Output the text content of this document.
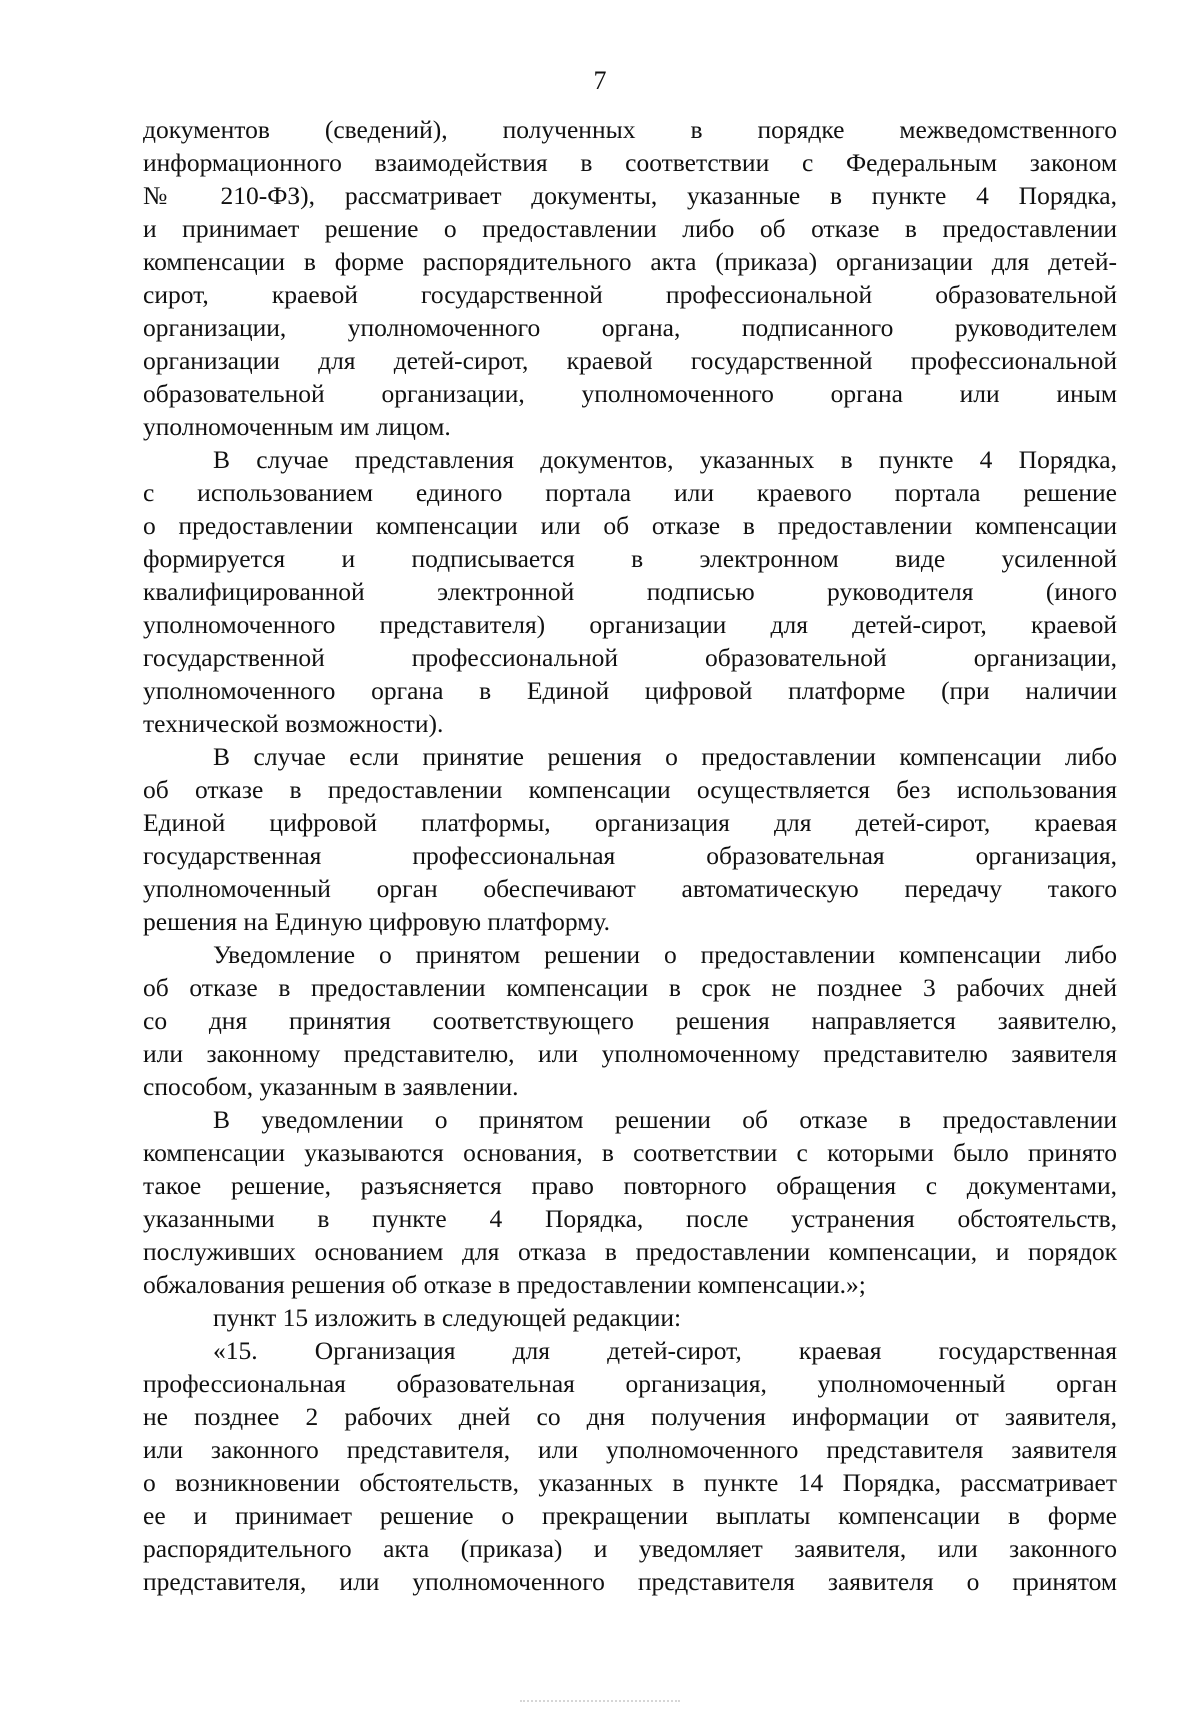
7
документов (сведений), полученных в порядке межведомственного
информационного взаимодействия в соответствии с Федеральным законом
№ 210-ФЗ), рассматривает документы, указанные в пункте 4 Порядка,
и принимает решение о предоставлении либо об отказе в предоставлении
компенсации в форме распорядительного акта (приказа) организации для детей-
сирот, краевой государственной профессиональной образовательной
организации, уполномоченного органа, подписанного руководителем
организации для детей-сирот, краевой государственной профессиональной
образовательной организации, уполномоченного органа или иным
уполномоченным им лицом.
В случае представления документов, указанных в пункте 4 Порядка,
с использованием единого портала или краевого портала решение
о предоставлении компенсации или об отказе в предоставлении компенсации
формируется и подписывается в электронном виде усиленной
квалифицированной электронной подписью руководителя (иного
уполномоченного представителя) организации для детей-сирот, краевой
государственной профессиональной образовательной организации,
уполномоченного органа в Единой цифровой платформе (при наличии
технической возможности).
В случае если принятие решения о предоставлении компенсации либо
об отказе в предоставлении компенсации осуществляется без использования
Единой цифровой платформы, организация для детей-сирот, краевая
государственная профессиональная образовательная организация,
уполномоченный орган обеспечивают автоматическую передачу такого
решения на Единую цифровую платформу.
Уведомление о принятом решении о предоставлении компенсации либо
об отказе в предоставлении компенсации в срок не позднее 3 рабочих дней
со дня принятия соответствующего решения направляется заявителю,
или законному представителю, или уполномоченному представителю заявителя
способом, указанным в заявлении.
В уведомлении о принятом решении об отказе в предоставлении
компенсации указываются основания, в соответствии с которыми было принято
такое решение, разъясняется право повторного обращения с документами,
указанными в пункте 4 Порядка, после устранения обстоятельств,
послуживших основанием для отказа в предоставлении компенсации, и порядок
обжалования решения об отказе в предоставлении компенсации.»;
пункт 15 изложить в следующей редакции:
«15. Организация для детей-сирот, краевая государственная
профессиональная образовательная организация, уполномоченный орган
не позднее 2 рабочих дней со дня получения информации от заявителя,
или законного представителя, или уполномоченного представителя заявителя
о возникновении обстоятельств, указанных в пункте 14 Порядка, рассматривает
ее и принимает решение о прекращении выплаты компенсации в форме
распорядительного акта (приказа) и уведомляет заявителя, или законного
представителя, или уполномоченного представителя заявителя о принятом
